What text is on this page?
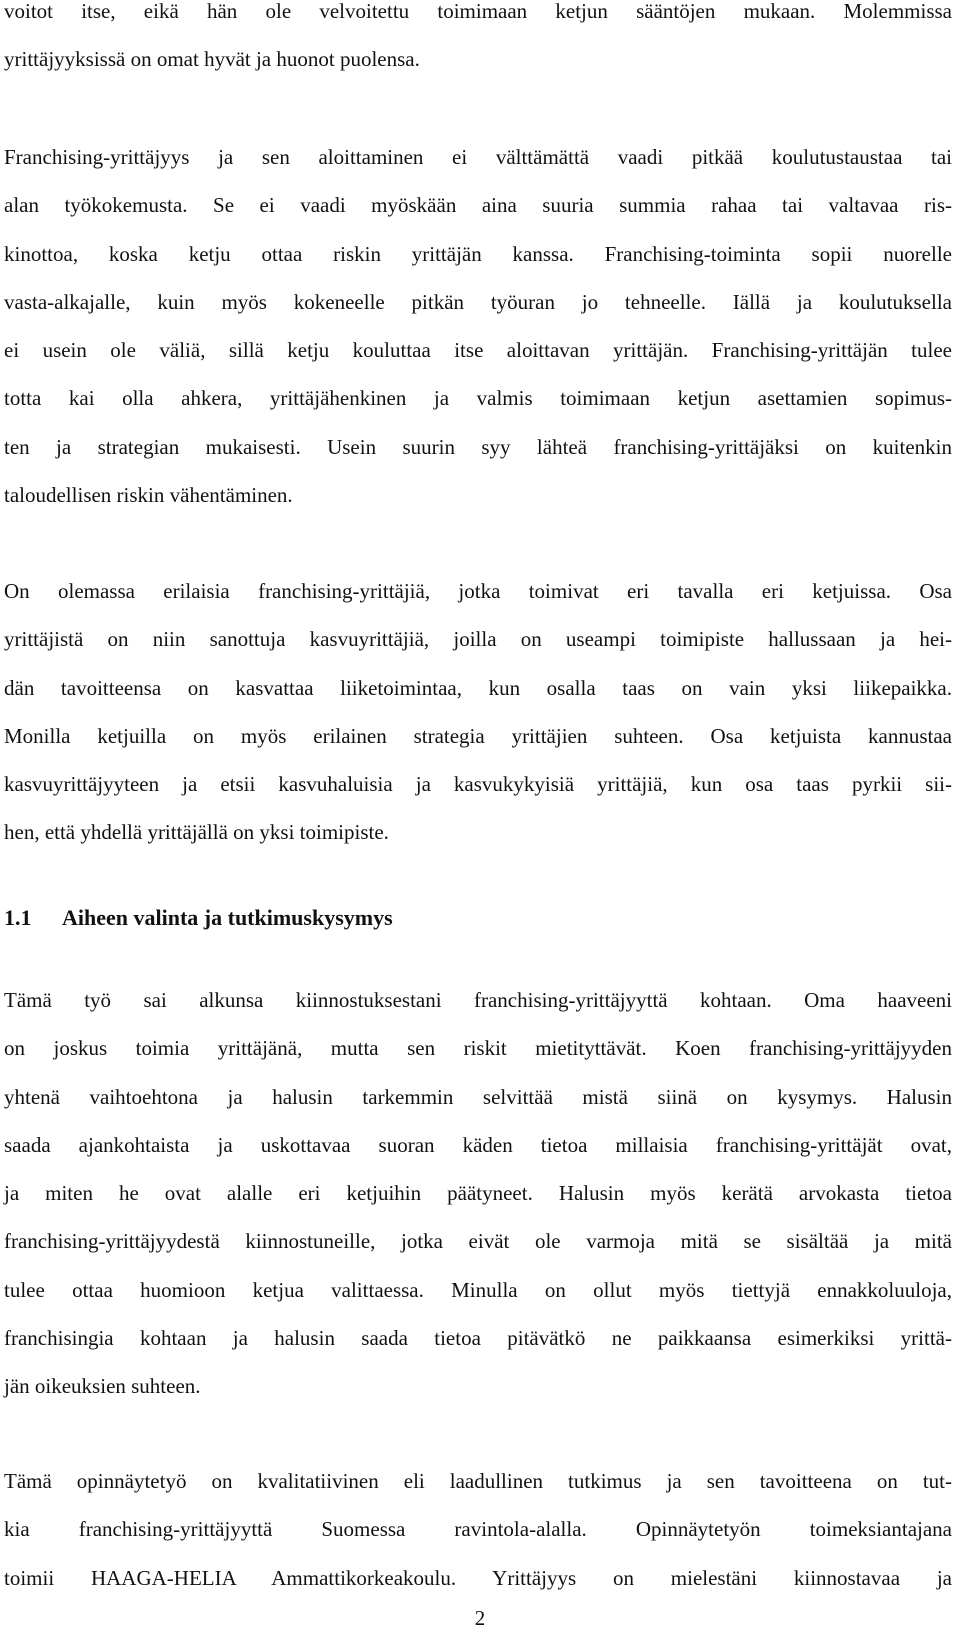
voitot itse, eikä hän ole velvoitettu toimimaan ketjun sääntöjen mukaan. Molemmissa
yrittäjyyksissä on omat hyvät ja huonot puolensa.
Franchising-yrittäjyys ja sen aloittaminen ei välttämättä vaadi pitkää koulutustaustaa tai
alan työkokemusta. Se ei vaadi myöskään aina suuria summia rahaa tai valtavaa ris-
kinottoa, koska ketju ottaa riskin yrittäjän kanssa. Franchising-toiminta sopii nuorelle
vasta-alkajalle, kuin myös kokeneelle pitkän työuran jo tehneelle. Iällä ja koulutuksella
ei usein ole väliä, sillä ketju kouluttaa itse aloittavan yrittäjän. Franchising-yrittäjän tulee
totta kai olla ahkera, yrittäjähenkinen ja valmis toimimaan ketjun asettamien sopimus-
ten ja strategian mukaisesti. Usein suurin syy lähteä franchising-yrittäjäksi on kuitenkin
taloudellisen riskin vähentäminen.
On olemassa erilaisia franchising-yrittäjiä, jotka toimivat eri tavalla eri ketjuissa. Osa
yrittäjistä on niin sanottuja kasvuyrittäjiä, joilla on useampi toimipiste hallussaan ja hei-
dän tavoitteensa on kasvattaa liiketoimintaa, kun osalla taas on vain yksi liikepaikka.
Monilla ketjuilla on myös erilainen strategia yrittäjien suhteen. Osa ketjuista kannustaa
kasvuyrittäjyyteen ja etsii kasvuhaluisia ja kasvukykyisiä yrittäjiä, kun osa taas pyrkii sii-
hen, että yhdellä yrittäjällä on yksi toimipiste.
1.1 Aiheen valinta ja tutkimuskysymys
Tämä työ sai alkunsa kiinnostuksestani franchising-yrittäjyyttä kohtaan. Oma haaveeni
on joskus toimia yrittäjänä, mutta sen riskit mietityttävät. Koen franchising-yrittäjyyden
yhtenä vaihtoehtona ja halusin tarkemmin selvittää mistä siinä on kysymys. Halusin
saada ajankohtaista ja uskottavaa suoran käden tietoa millaisia franchising-yrittäjät ovat,
ja miten he ovat alalle eri ketjuihin päätyneet. Halusin myös kerätä arvokasta tietoa
franchising-yrittäjyydestä kiinnostuneille, jotka eivät ole varmoja mitä se sisältää ja mitä
tulee ottaa huomioon ketjua valittaessa. Minulla on ollut myös tiettyjä ennakkoluuloja,
franchisingia kohtaan ja halusin saada tietoa pitävätkö ne paikkaansa esimerkiksi yrittä-
jän oikeuksien suhteen.
Tämä opinnäytetyö on kvalitatiivinen eli laadullinen tutkimus ja sen tavoitteena on tut-
kia franchising-yrittäjyyttä Suomessa ravintola-alalla. Opinnäytetyön toimeksiantajana
toimii HAAGA-HELIA Ammattikorkeakoulu. Yrittäjyys on mielestäni kiinnostavaa ja
2
